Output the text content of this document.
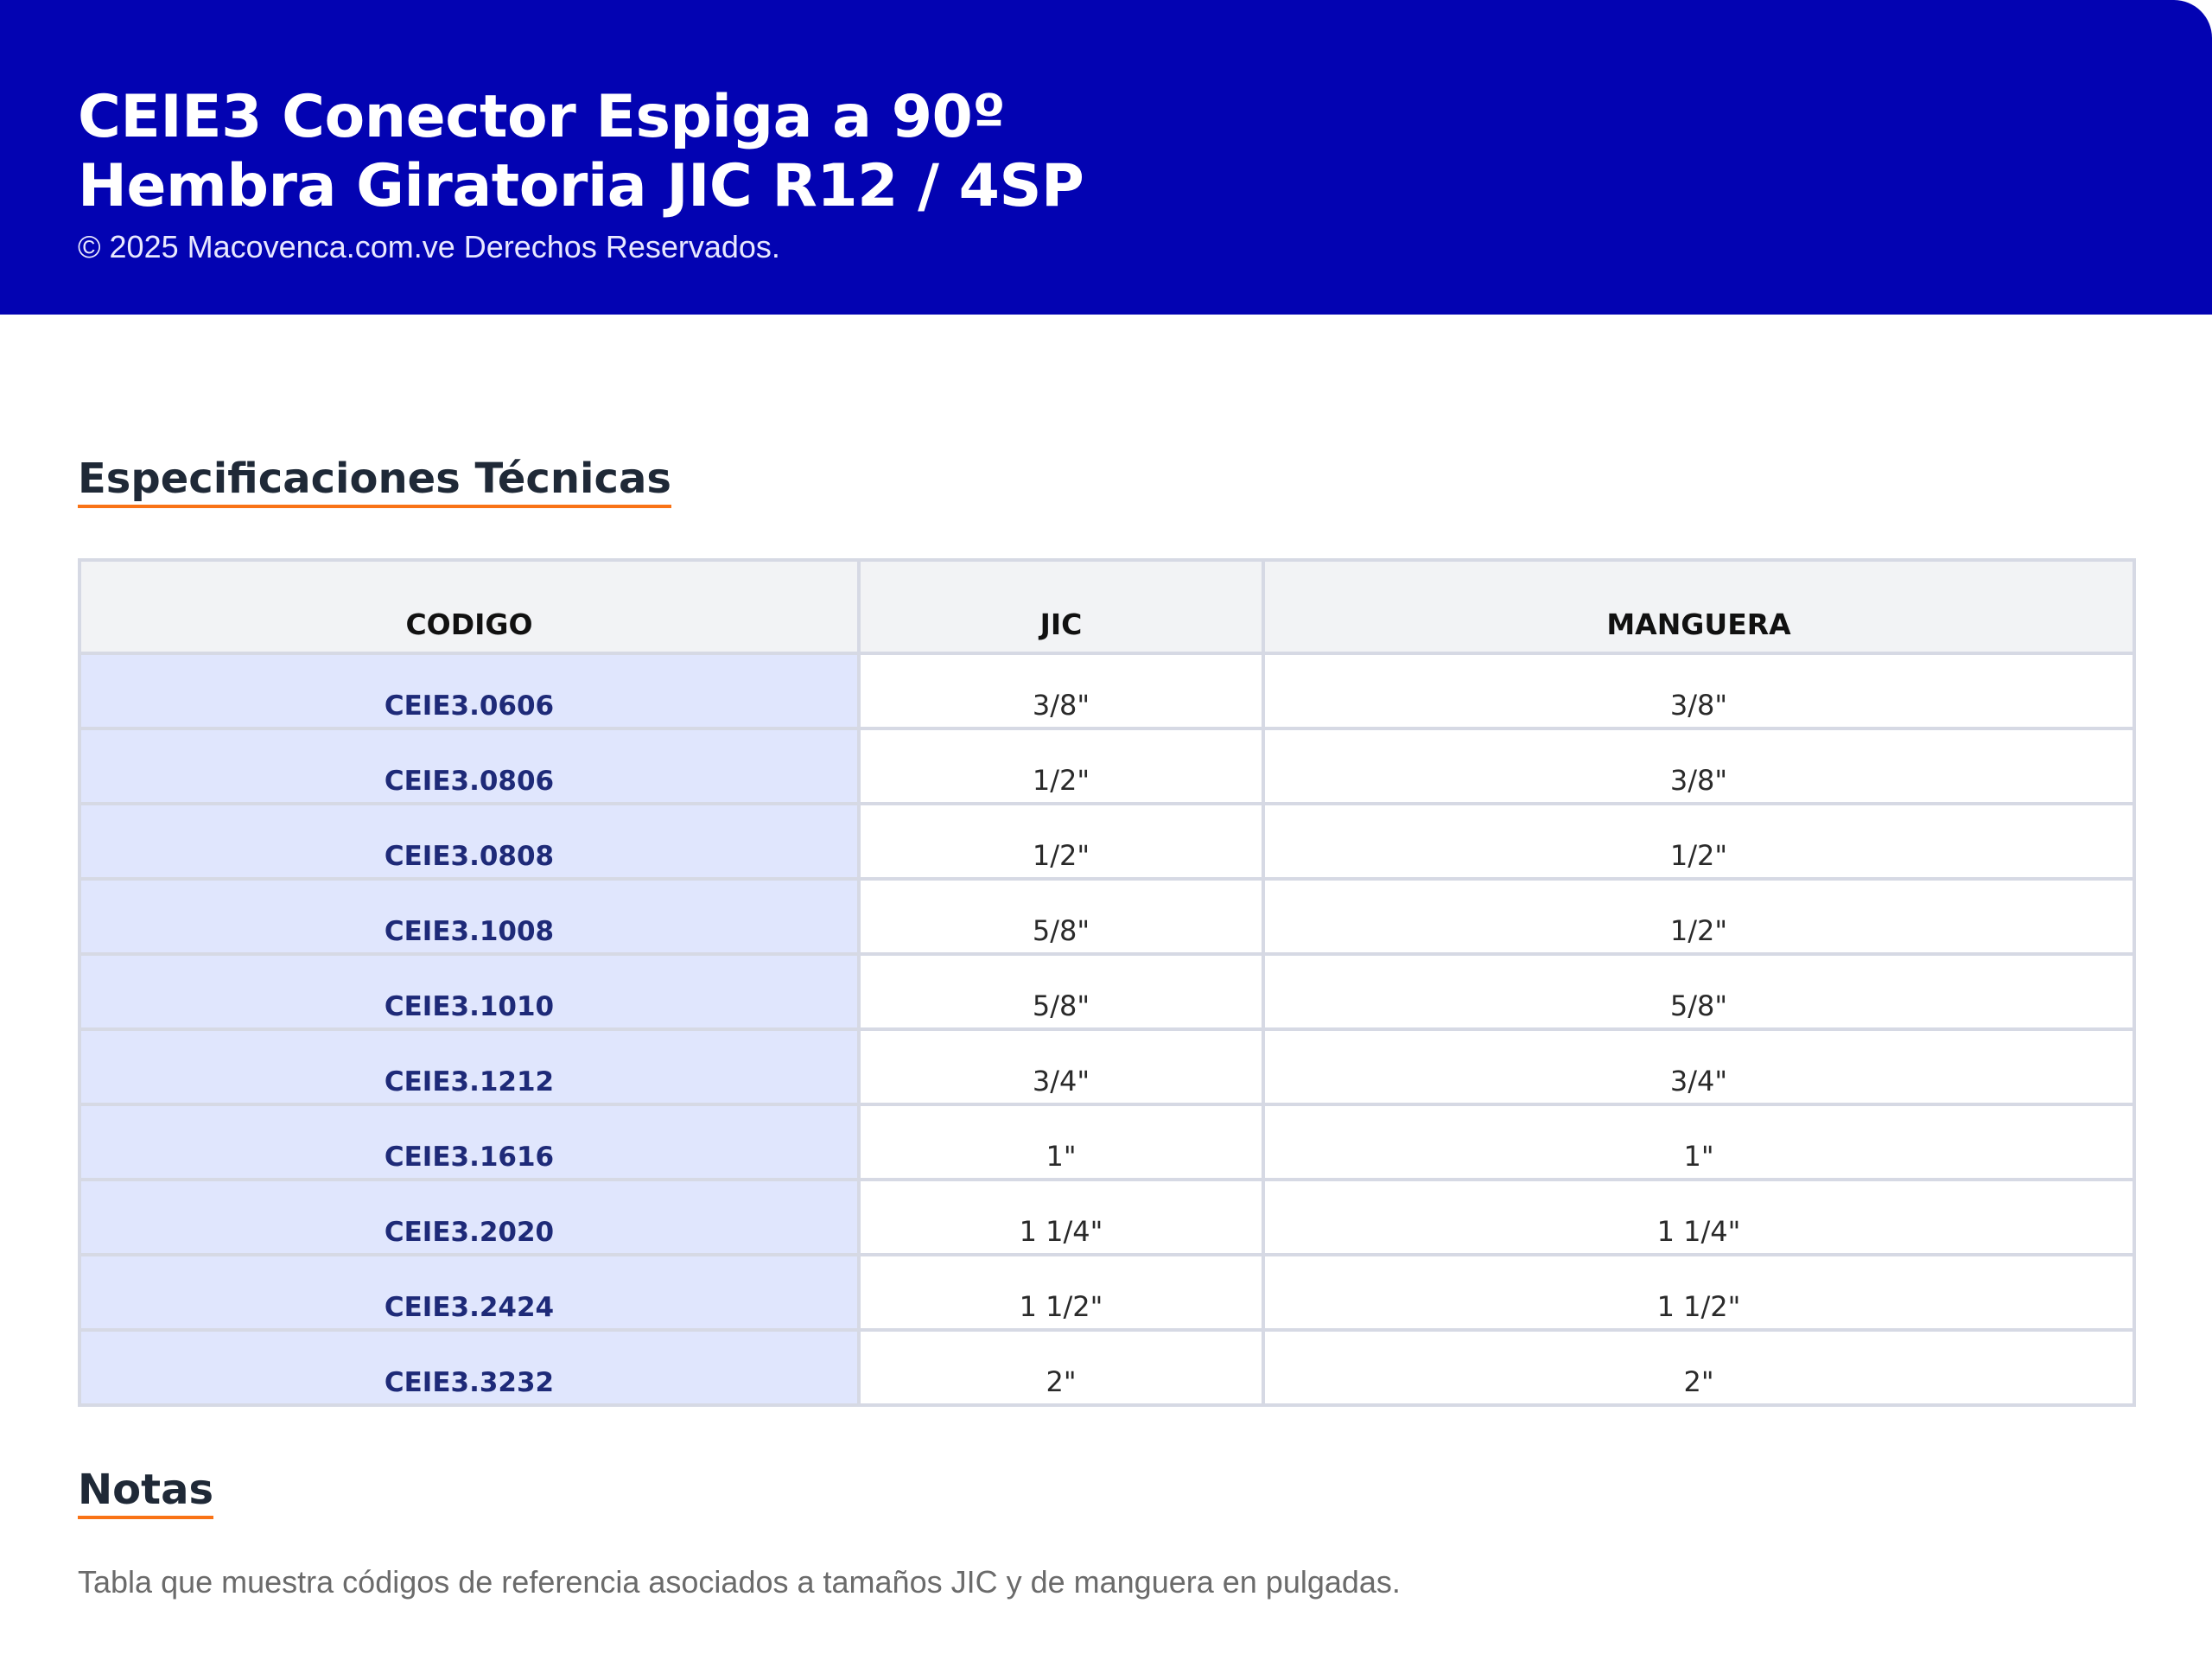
CEIE3 Conector Espiga a 90º
Hembra Giratoria JIC R12 / 4SP
© 2025 Macovenca.com.ve Derechos Reservados.
Especificaciones Técnicas
CODIGO	JIC	MANGUERA
CEIE3.0606	3/8"	3/8"
CEIE3.0806	1/2"	3/8"
CEIE3.0808	1/2"	1/2"
CEIE3.1008	5/8"	1/2"
CEIE3.1010	5/8"	5/8"
CEIE3.1212	3/4"	3/4"
CEIE3.1616	1"	1"
CEIE3.2020	1 1/4"	1 1/4"
CEIE3.2424	1 1/2"	1 1/2"
CEIE3.3232	2"	2"
Notas
Tabla que muestra códigos de referencia asociados a tamaños JIC y de manguera en pulgadas.
